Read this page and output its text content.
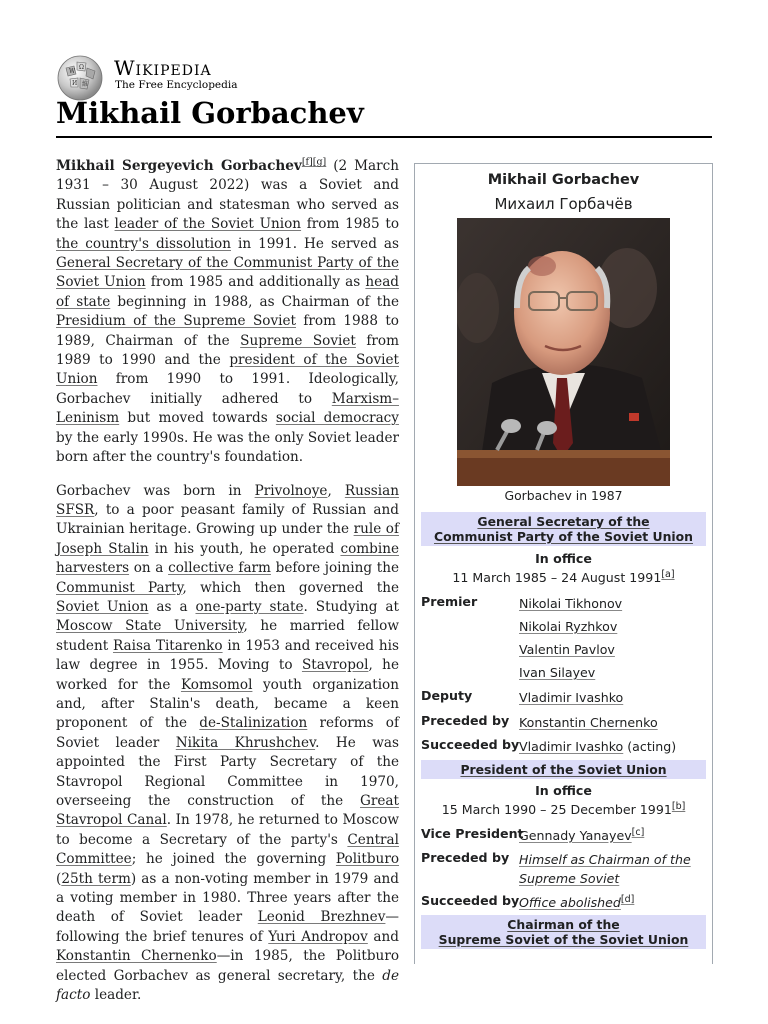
W
Ω
И 維
Wikipedia
The Free Encyclopedia
Mikhail Gorbachev

Mikhail Sergeyevich Gorbachev[f][g] (2 March 1931 – 30 August 2022) was a Soviet and Russian politician and statesman who served as the last leader of the Soviet Union from 1985 to the country's dissolution in 1991. He served as General Secretary of the Communist Party of the Soviet Union from 1985 and additionally as head of state beginning in 1988, as Chairman of the Presidium of the Supreme Soviet from 1988 to 1989, Chairman of the Supreme Soviet from 1989 to 1990 and the president of the Soviet Union from 1990 to 1991. Ideologically, Gorbachev initially adhered to Marxism–Leninism but moved towards social democracy by the early 1990s. He was the only Soviet leader born after the country's foundation.

Gorbachev was born in Privolnoye, Russian SFSR, to a poor peasant family of Russian and Ukrainian heritage. Growing up under the rule of Joseph Stalin in his youth, he operated combine harvesters on a collective farm before joining the Communist Party, which then governed the Soviet Union as a one-party state. Studying at Moscow State University, he married fellow student Raisa Titarenko in 1953 and received his law degree in 1955. Moving to Stavropol, he worked for the Komsomol youth organization and, after Stalin's death, became a keen proponent of the de-Stalinization reforms of Soviet leader Nikita Khrushchev. He was appointed the First Party Secretary of the Stavropol Regional Committee in 1970, overseeing the construction of the Great Stavropol Canal. In 1978, he returned to Moscow to become a Secretary of the party's Central Committee; he joined the governing Politburo (25th term) as a non-voting member in 1979 and a voting member in 1980. Three years after the death of Soviet leader Leonid Brezhnev—following the brief tenures of Yuri Andropov and Konstantin Chernenko—in 1985, the Politburo elected Gorbachev as general secretary, the de facto leader.

Mikhail Gorbachev
Михаил Горбачёв
Gorbachev in 1987
General Secretary of the
Communist Party of the Soviet Union
In office
11 March 1985 – 24 August 1991[a]
Premier	Nikolai Tikhonov
Nikolai Ryzhkov
Valentin Pavlov
Ivan Silayev
Deputy	Vladimir Ivashko
Preceded by Konstantin Chernenko
Succeeded by Vladimir Ivashko (acting)
President of the Soviet Union
In office
15 March 1990 – 25 December 1991[b]
Vice President
Gennady Yanayev[c]
Preceded by Himself as Chairman of the Supreme Soviet
Succeeded by Office abolished[d]
Chairman of the
Supreme Soviet of the Soviet Union
